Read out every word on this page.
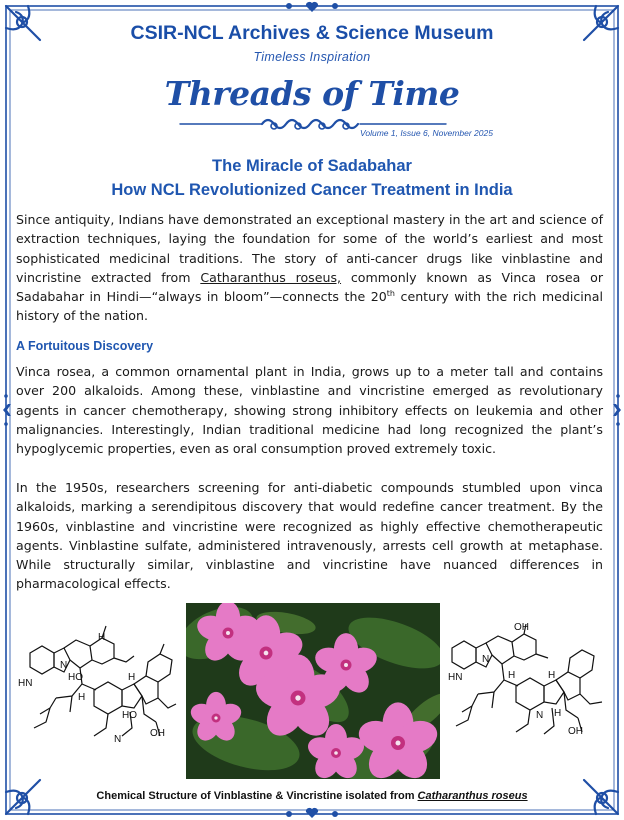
CSIR-NCL Archives & Science Museum
Timeless Inspiration
Threads of Time
Volume 1, Issue 6, November 2025
The Miracle of Sadabahar
How NCL Revolutionized Cancer Treatment in India

Since antiquity, Indians have demonstrated an exceptional mastery in the art and science of extraction techniques, laying the foundation for some of the world’s earliest and most sophisticated medicinal traditions. The story of anti-cancer drugs like vinblastine and vincristine extracted from Catharanthus roseus, commonly known as Vinca rosea or Sadabahar in Hindi—“always in bloom”—connects the 20th century with the rich medicinal history of the nation.

A Fortuitous Discovery

Vinca rosea, a common ornamental plant in India, grows up to a meter tall and contains over 200 alkaloids. Among these, vinblastine and vincristine emerged as revolutionary agents in cancer chemotherapy, showing strong inhibitory effects on leukemia and other malignancies. Interestingly, Indian traditional medicine had long recognized the plant’s hypoglycemic properties, even as oral consumption proved extremely toxic.

In the 1950s, researchers screening for anti-diabetic compounds stumbled upon vinca alkaloids, marking a serendipitous discovery that would redefine cancer treatment. By the 1960s, vinblastine and vincristine were recognized as highly effective chemotherapeutic agents. Vinblastine sulfate, administered intravenously, arrests cell growth at metaphase. While structurally similar, vinblastine and vincristine have nuanced differences in pharmacological effects.

HN
N
HO
H
H
HO
H
N
OH
HN
N
OH
H	H
N H
OH
Chemical Structure of Vinblastine & Vincristine isolated from Catharanthus roseus
